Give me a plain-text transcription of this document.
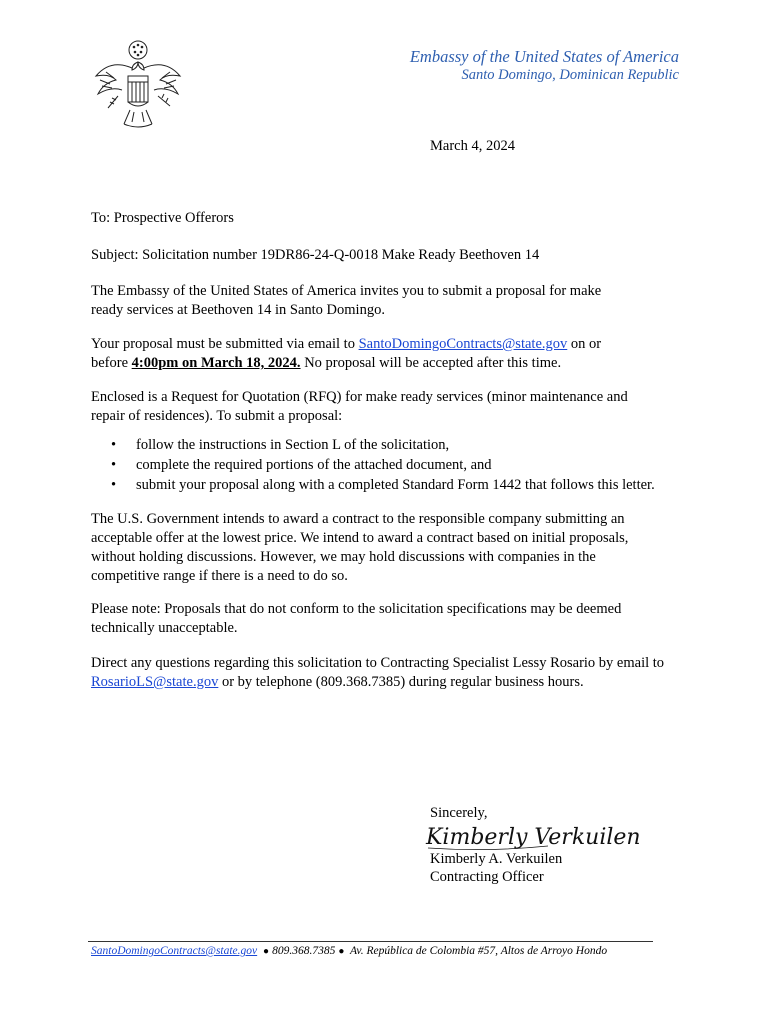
Embassy of the United States of America
Santo Domingo, Dominican Republic
March 4, 2024

To: Prospective Offerors

Subject: Solicitation number 19DR86-24-Q-0018 Make Ready Beethoven 14

The Embassy of the United States of America invites you to submit a proposal for make ready services at Beethoven 14 in Santo Domingo.

Your proposal must be submitted via email to SantoDomingoContracts@state.gov on or before 4:00pm on March 18, 2024. No proposal will be accepted after this time.

Enclosed is a Request for Quotation (RFQ) for make ready services (minor maintenance and repair of residences). To submit a proposal:

• follow the instructions in Section L of the solicitation,
• complete the required portions of the attached document, and
• submit your proposal along with a completed Standard Form 1442 that follows this letter.

The U.S. Government intends to award a contract to the responsible company submitting an acceptable offer at the lowest price. We intend to award a contract based on initial proposals, without holding discussions. However, we may hold discussions with companies in the competitive range if there is a need to do so.

Please note: Proposals that do not conform to the solicitation specifications may be deemed technically unacceptable.

Direct any questions regarding this solicitation to Contracting Specialist Lessy Rosario by email to RosarioLS@state.gov or by telephone (809.368.7385) during regular business hours.

Sincerely,
Kimberly Verkuilen
Kimberly A. Verkuilen
Contracting Officer
SantoDomingoContracts@state.gov ● 809.368.7385 ● Av. República de Colombia #57, Altos de Arroyo Hondo
